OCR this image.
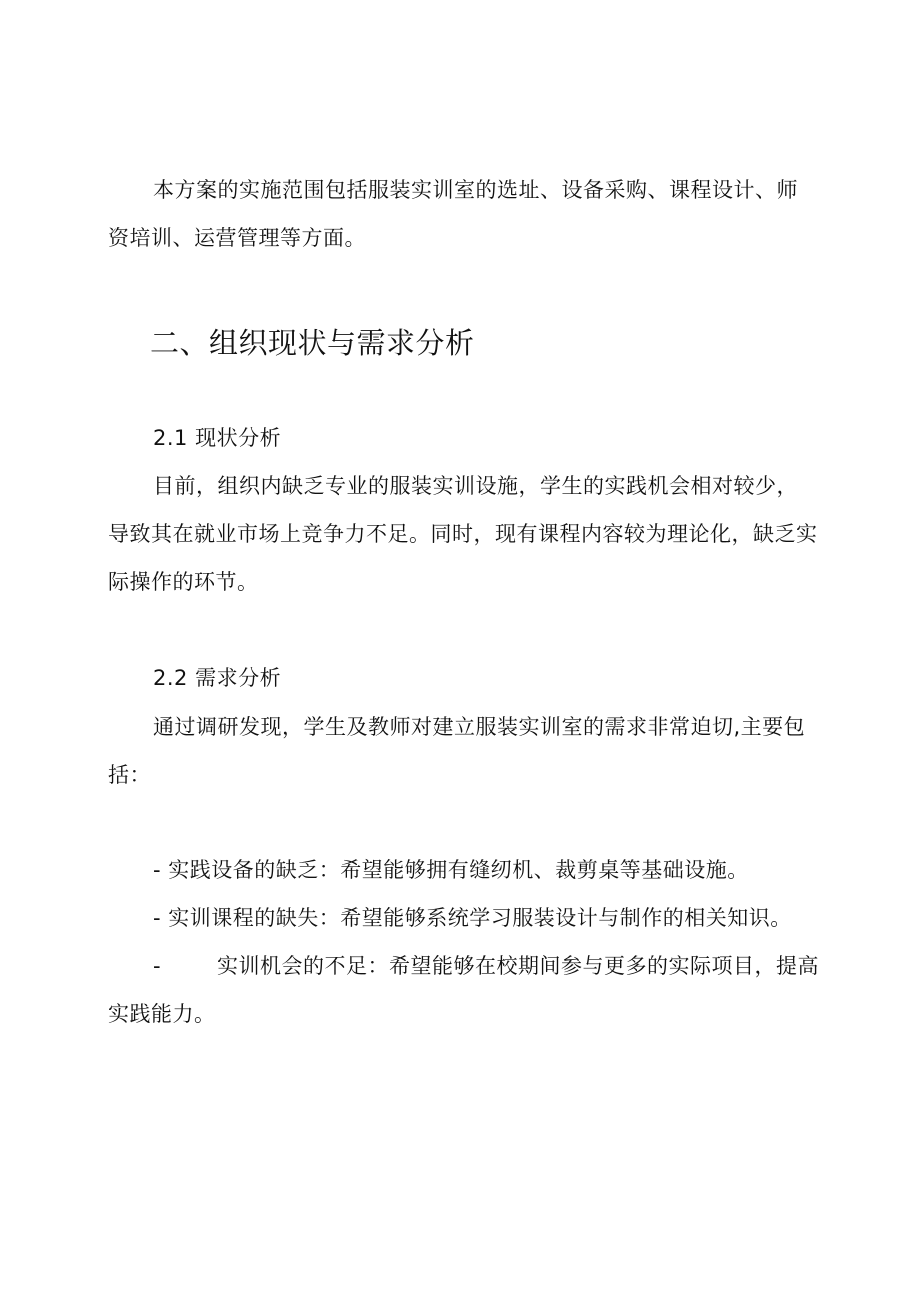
本方案的实施范围包括服装实训室的选址、设备采购、课程设计、师
资培训、运营管理等方面。
二、组织现状与需求分析
2.1 现状分析
目前，组织内缺乏专业的服装实训设施，学生的实践机会相对较少，
导致其在就业市场上竞争力不足。同时，现有课程内容较为理论化，缺乏实
际操作的环节。
2.2 需求分析
通过调研发现，学生及教师对建立服装实训室的需求非常迫切,主要包
括：
- 实践设备的缺乏：希望能够拥有缝纫机、裁剪桌等基础设施。
- 实训课程的缺失：希望能够系统学习服装设计与制作的相关知识。
-	实训机会的不足：希望能够在校期间参与更多的实际项目，提高
实践能力。
